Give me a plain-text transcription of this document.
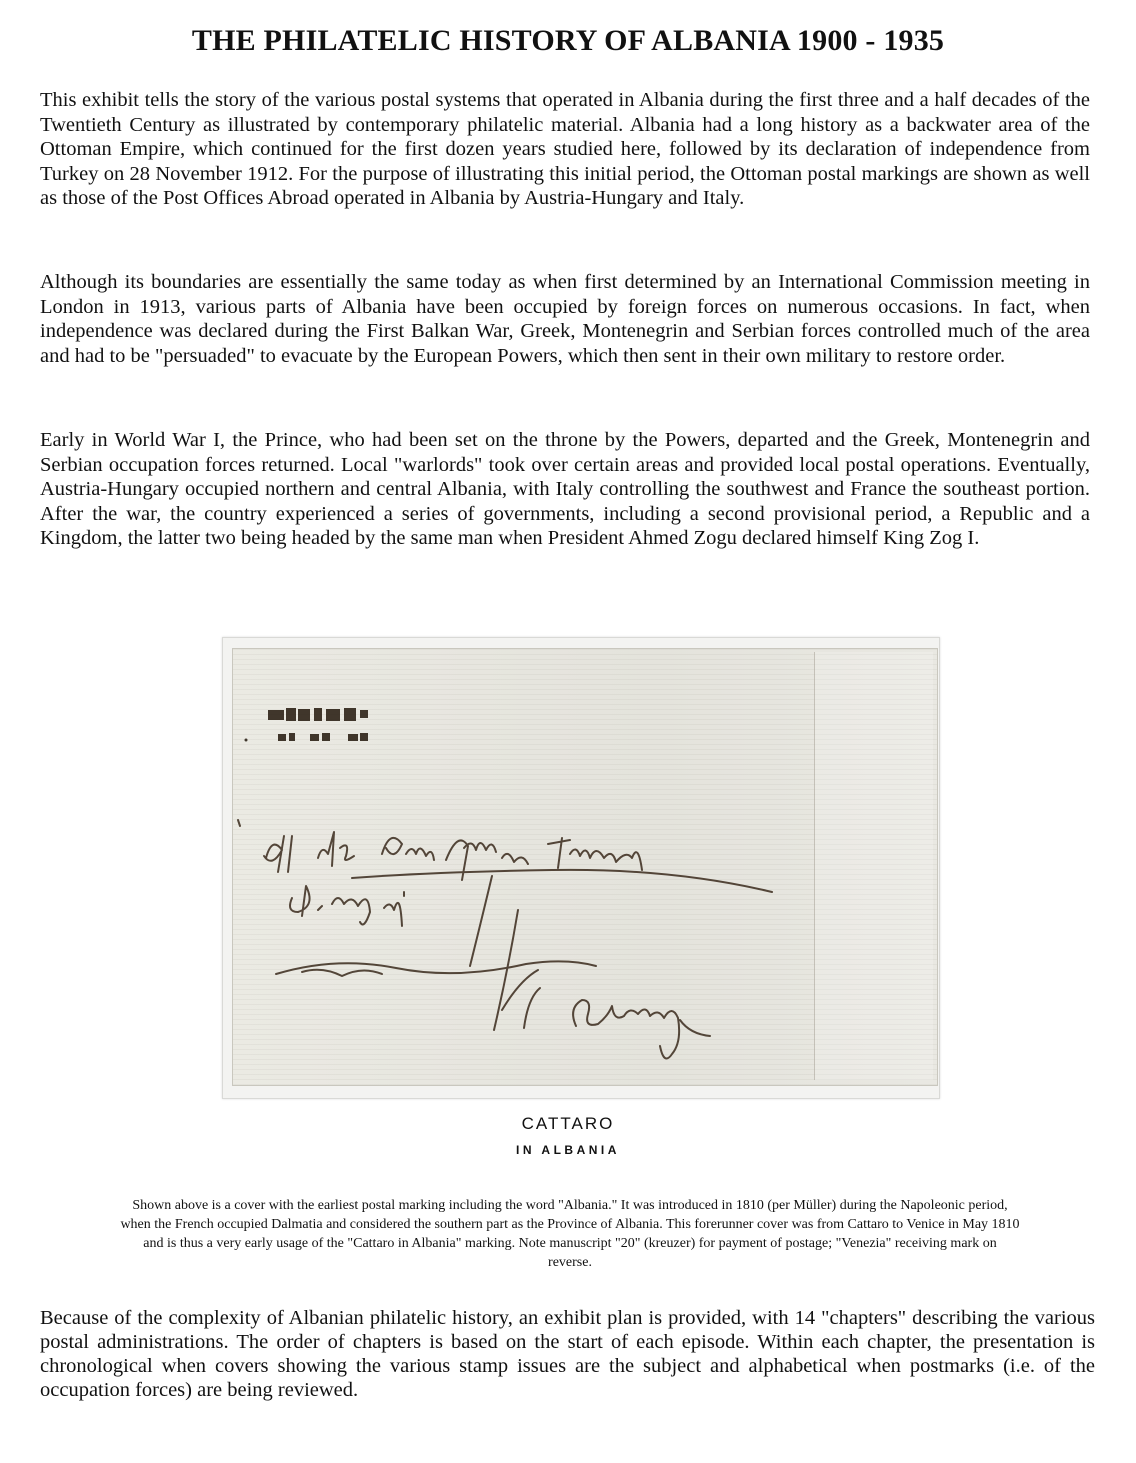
THE PHILATELIC HISTORY OF ALBANIA 1900 - 1935

This exhibit tells the story of the various postal systems that operated in Albania during the first three and a half decades of the Twentieth Century as illustrated by contemporary philatelic material. Albania had a long history as a backwater area of the Ottoman Empire, which continued for the first dozen years studied here, followed by its declaration of independence from Turkey on 28 November 1912. For the purpose of illustrating this initial period, the Ottoman postal markings are shown as well as those of the Post Offices Abroad operated in Albania by Austria-Hungary and Italy.

Although its boundaries are essentially the same today as when first determined by an International Commission meeting in London in 1913, various parts of Albania have been occupied by foreign forces on numerous occasions. In fact, when independence was declared during the First Balkan War, Greek, Montenegrin and Serbian forces controlled much of the area and had to be "persuaded" to evacuate by the European Powers, which then sent in their own military to restore order.

Early in World War I, the Prince, who had been set on the throne by the Powers, departed and the Greek, Montenegrin and Serbian occupation forces returned. Local "warlords" took over certain areas and provided local postal operations. Eventually, Austria-Hungary occupied northern and central Albania, with Italy controlling the southwest and France the southeast portion. After the war, the country experienced a series of governments, including a second provisional period, a Republic and a Kingdom, the latter two being headed by the same man when President Ahmed Zogu declared himself King Zog I.

CATTARO

IN ALBANIA

Shown above is a cover with the earliest postal marking including the word "Albania." It was introduced in 1810 (per Müller) during the Napoleonic period, when the French occupied Dalmatia and considered the southern part as the Province of Albania. This forerunner cover was from Cattaro to Venice in May 1810 and is thus a very early usage of the "Cattaro in Albania" marking. Note manuscript "20" (kreuzer) for payment of postage; "Venezia" receiving mark on reverse.

Because of the complexity of Albanian philatelic history, an exhibit plan is provided, with 14 "chapters" describing the various postal administrations. The order of chapters is based on the start of each episode. Within each chapter, the presentation is chronological when covers showing the various stamp issues are the subject and alphabetical when postmarks (i.e. of the occupation forces) are being reviewed.
